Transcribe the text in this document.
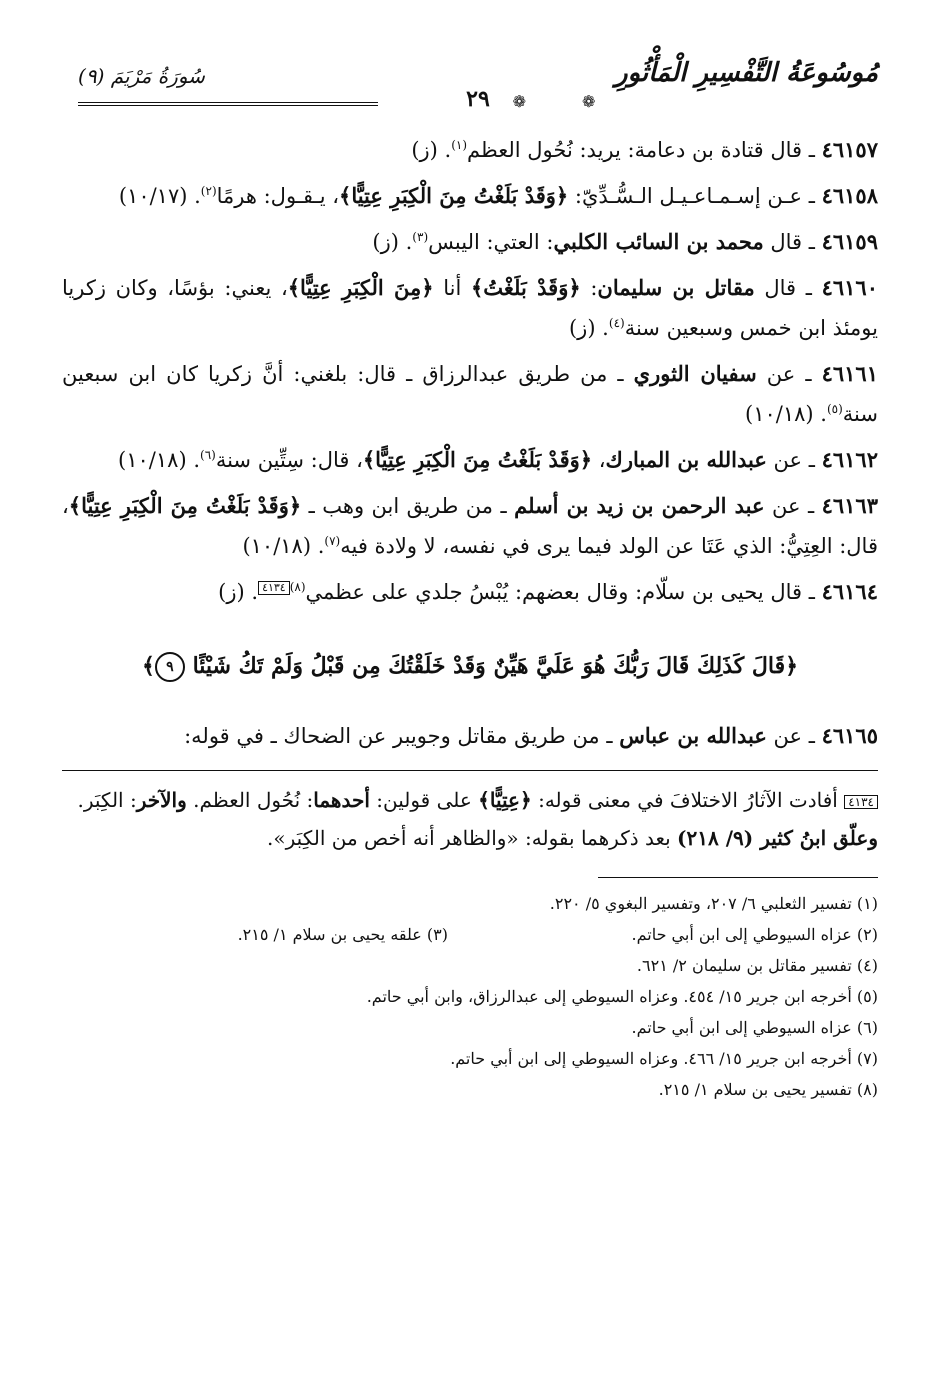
مُوسُوعَةُ التَّفْسِيرِ الْمَأْثُورِ
سُورَةُ مَرْيَمَ (٩)
❁
٢٩	❁

٤٦١٥٧ ـ قال قتادة بن دعامة: يريد: نُحُول العظم$^{(١)}$. (ز)

٤٦١٥٨ ـ عـن إسـمـاعـيـل الـسُّـدِّيّ: ﴿وَقَدْ بَلَغْتُ مِنَ الْكِبَرِ عِتِيًّا﴾، يـقـول: هرمًا$^{(٢)}$. (١٠/١٧)

٤٦١٥٩ ـ قال محمد بن السائب الكلبي: العتي: اليبس$^{(٣)}$. (ز)

٤٦١٦٠ ـ قال مقاتل بن سليمان: ﴿وَقَدْ بَلَغْتُ﴾ أنا ﴿مِنَ الْكِبَرِ عِتِيًّا﴾، يعني: بؤسًا، وكان زكريا يومئذ ابن خمس وسبعين سنة$^{(٤)}$. (ز)

٤٦١٦١ ـ عن سفيان الثوري ـ من طريق عبدالرزاق ـ قال: بلغني: أنَّ زكريا كان ابن سبعين سنة$^{(٥)}$. (١٠/١٨)

٤٦١٦٢ ـ عن عبدالله بن المبارك، ﴿وَقَدْ بَلَغْتُ مِنَ الْكِبَرِ عِتِيًّا﴾، قال: سِتِّين سنة$^{(٦)}$. (١٠/١٨)

٤٦١٦٣ ـ عن عبد الرحمن بن زيد بن أسلم ـ من طريق ابن وهب ـ ﴿وَقَدْ بَلَغْتُ مِنَ الْكِبَرِ عِتِيًّا﴾، قال: العِتِيُّ: الذي عَتَا عن الولد فيما يرى في نفسه، لا ولادة فيه$^{(٧)}$. (١٠/١٨)

٤٦١٦٤ ـ قال يحيى بن سلّام: وقال بعضهم: يُبْسُ جلدي على عظمي$^{(٨)}$٤١٣٤. (ز)

﴿قَالَ كَذَلِكَ قَالَ رَبُّكَ هُوَ عَلَيَّ هَيِّنٌ وَقَدْ خَلَقْتُكَ مِن قَبْلُ وَلَمْ تَكُ شَيْئًا ٩﴾

٤٦١٦٥ ـ عن عبدالله بن عباس ـ من طريق مقاتل وجويبر عن الضحاك ـ في قوله:

٤١٣٤ أفادت الآثارُ الاختلافَ في معنى قوله: ﴿عِتِيًّا﴾ على قولين: أحدهما: نُحُول العظم. والآخر: الكِبَر.
وعلّق ابنُ كثير (٩/ ٢١٨) بعد ذكرهما بقوله: «والظاهر أنه أخص من الكِبَر».
(١) تفسير الثعلبي ٦/ ٢٠٧، وتفسير البغوي ٥/ ٢٢٠.
(٢) عزاه السيوطي إلى ابن أبي حاتم.
(٣) علقه يحيى بن سلام ١/ ٢١٥.
(٤) تفسير مقاتل بن سليمان ٢/ ٦٢١.
(٥) أخرجه ابن جرير ١٥/ ٤٥٤. وعزاه السيوطي إلى عبدالرزاق، وابن أبي حاتم.
(٦) عزاه السيوطي إلى ابن أبي حاتم.
(٧) أخرجه ابن جرير ١٥/ ٤٦٦. وعزاه السيوطي إلى ابن أبي حاتم.
(٨) تفسير يحيى بن سلام ١/ ٢١٥.
